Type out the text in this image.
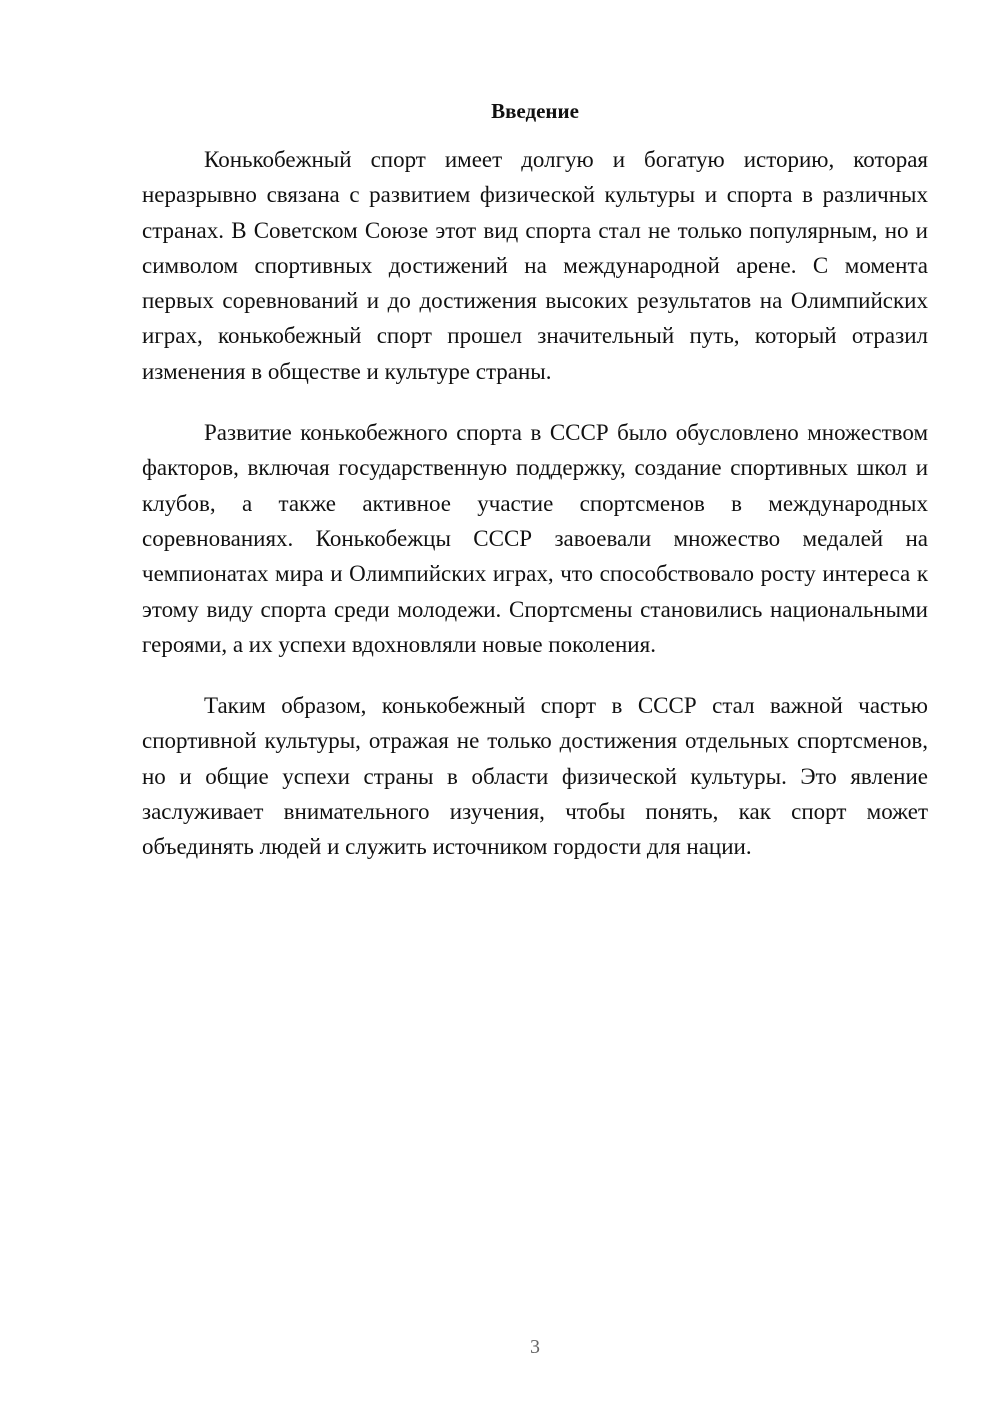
Введение

Конькобежный спорт имеет долгую и богатую историю, которая неразрывно связана с развитием физической культуры и спорта в различных странах. В Советском Союзе этот вид спорта стал не только популярным, но и символом спортивных достижений на международной арене. С момента первых соревнований и до достижения высоких результатов на Олимпийских играх, конькобежный спорт прошел значительный путь, который отразил изменения в обществе и культуре страны.

Развитие конькобежного спорта в СССР было обусловлено множеством факторов, включая государственную поддержку, создание спортивных школ и клубов, а также активное участие спортсменов в международных соревнованиях. Конькобежцы СССР завоевали множество медалей на чемпионатах мира и Олимпийских играх, что способствовало росту интереса к этому виду спорта среди молодежи. Спортсмены становились национальными героями, а их успехи вдохновляли новые поколения.

Таким образом, конькобежный спорт в СССР стал важной частью спортивной культуры, отражая не только достижения отдельных спортсменов, но и общие успехи страны в области физической культуры. Это явление заслуживает внимательного изучения, чтобы понять, как спорт может объединять людей и служить источником гордости для нации.

3
